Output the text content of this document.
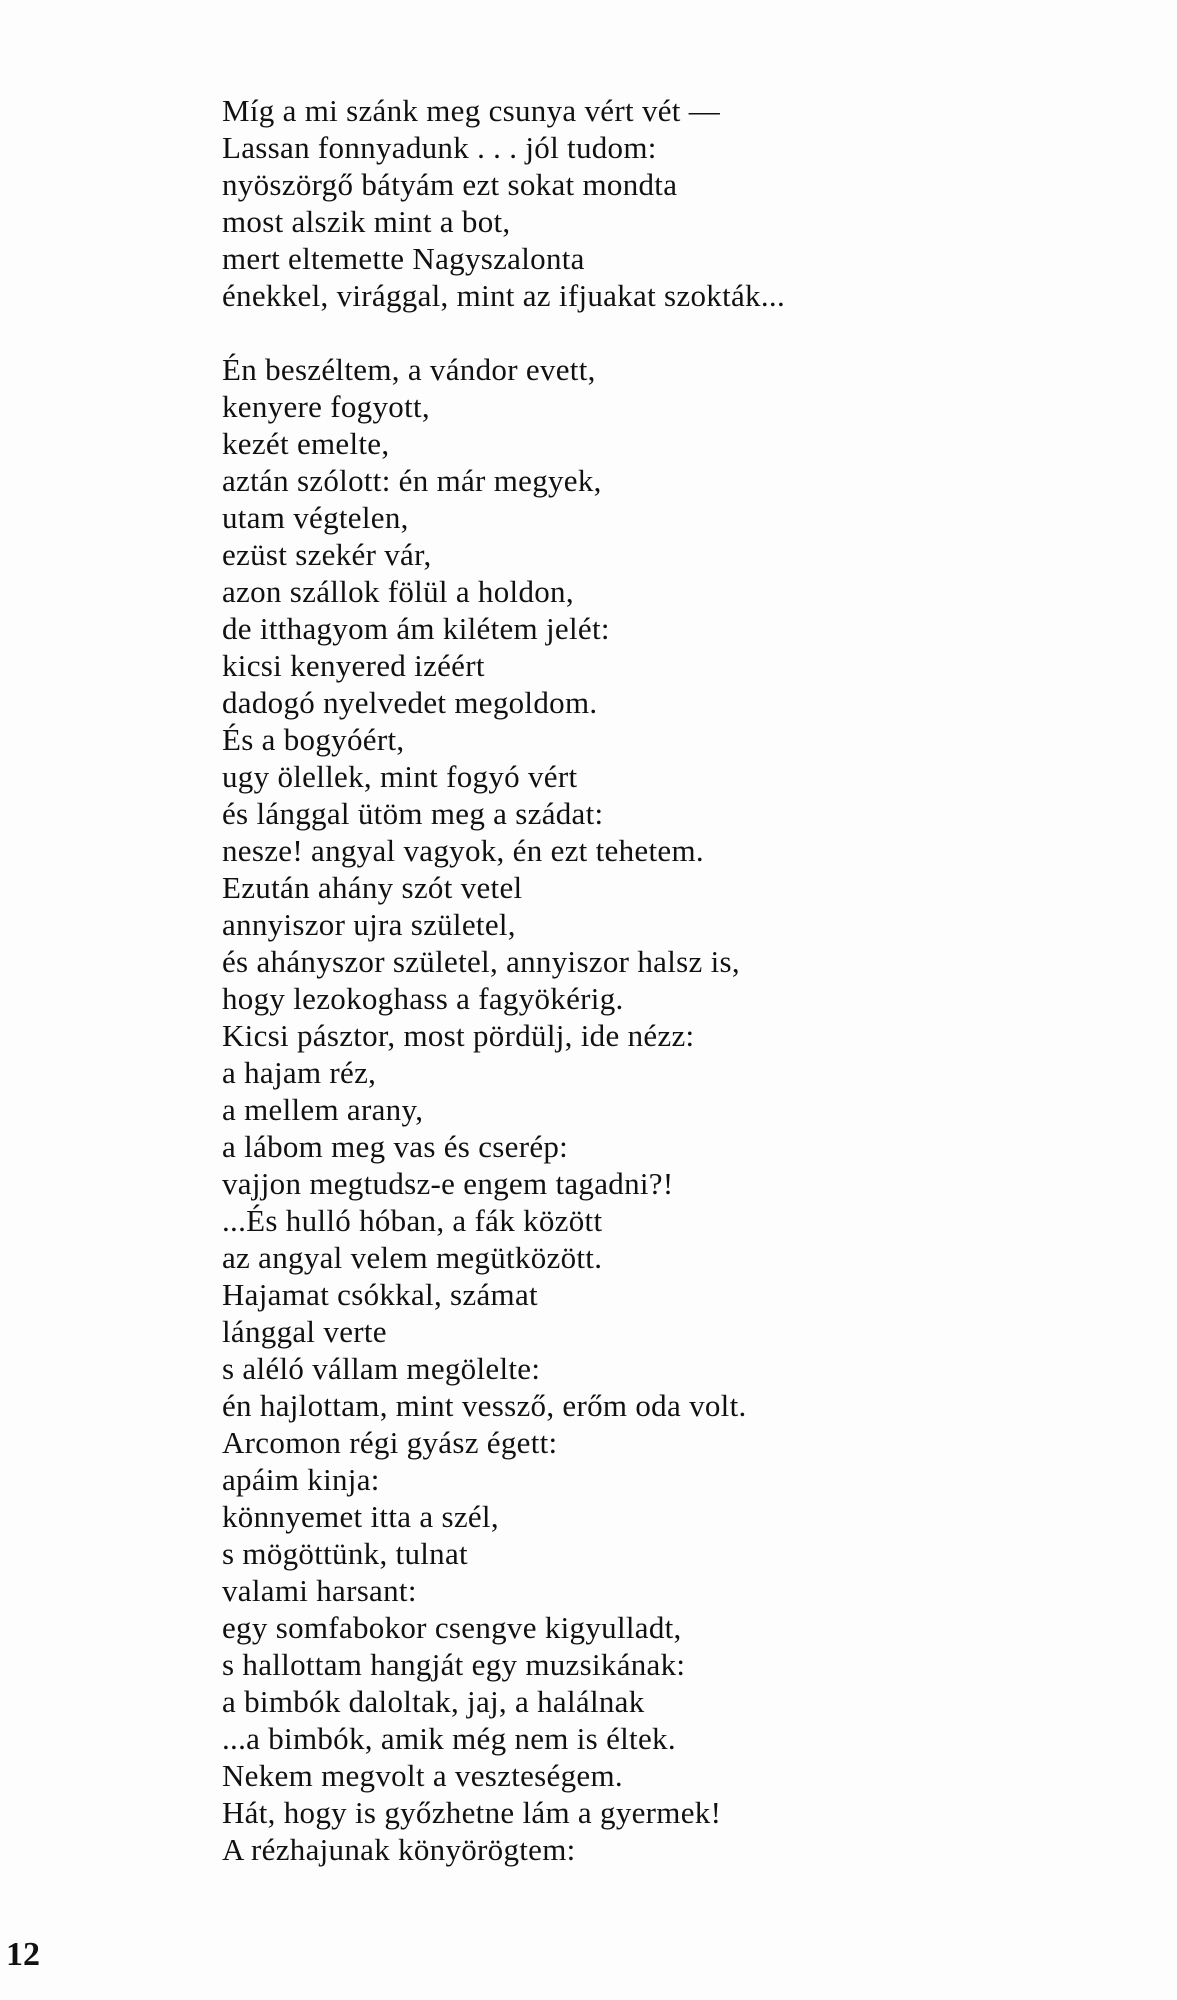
Míg a mi szánk meg csunya vért vét —
Lassan fonnyadunk . . . jól tudom:
nyöszörgő bátyám ezt sokat mondta
most alszik mint a bot,
mert eltemette Nagyszalonta
énekkel, virággal, mint az ifjuakat szokták...
Én beszéltem, a vándor evett,
kenyere fogyott,
kezét emelte,
aztán szólott: én már megyek,
utam végtelen,
ezüst szekér vár,
azon szállok fölül a holdon,
de itthagyom ám kilétem jelét:
kicsi kenyered izéért
dadogó nyelvedet megoldom.
És a bogyóért,
ugy ölellek, mint fogyó vért
és lánggal ütöm meg a szádat:
nesze! angyal vagyok, én ezt tehetem.
Ezután ahány szót vetel
annyiszor ujra születel,
és ahányszor születel, annyiszor halsz is,
hogy lezokoghass a fagyökérig.
Kicsi pásztor, most pördülj, ide nézz:
a hajam réz,
a mellem arany,
a lábom meg vas és cserép:
vajjon megtudsz-e engem tagadni?!
...És hulló hóban, a fák között
az angyal velem megütközött.
Hajamat csókkal, számat
lánggal verte
s aléló vállam megölelte:
én hajlottam, mint vessző, erőm oda volt.
Arcomon régi gyász égett:
apáim kinja:
könnyemet itta a szél,
s mögöttünk, tulnat
valami harsant:
egy somfabokor csengve kigyulladt,
s hallottam hangját egy muzsikának:
a bimbók daloltak, jaj, a halálnak
...a bimbók, amik még nem is éltek.
Nekem megvolt a veszteségem.
Hát, hogy is győzhetne lám a gyermek!
A rézhajunak könyörögtem:
12
